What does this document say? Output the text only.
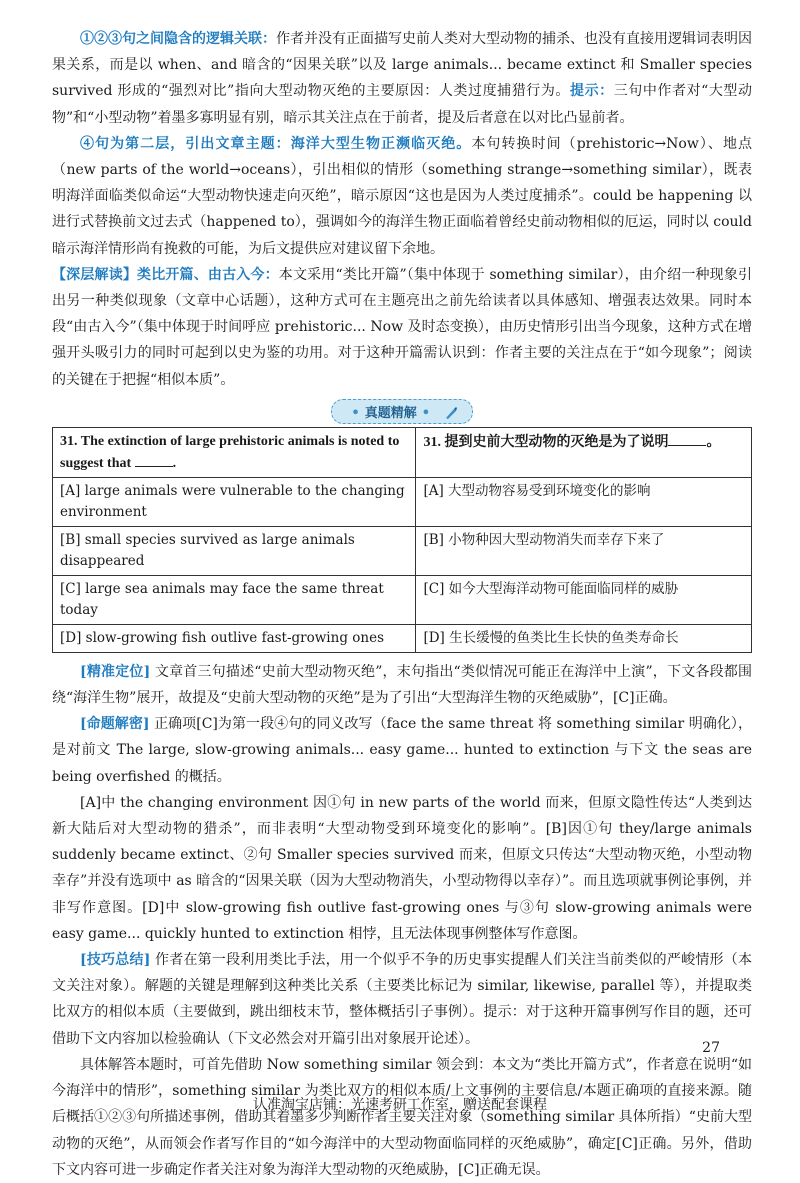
①②③句之间隐含的逻辑关联：作者并没有正面描写史前人类对大型动物的捕杀、也没有直接用逻辑词表明因果关系，而是以 when、and 暗含的“因果关联”以及 large animals... became extinct 和 Smaller species survived 形成的“强烈对比”指向大型动物灭绝的主要原因：人类过度捕猎行为。提示：三句中作者对“大型动物”和“小型动物”着墨多寡明显有别，暗示其关注点在于前者，提及后者意在以对比凸显前者。

④句为第二层，引出文章主题：海洋大型生物正濒临灭绝。本句转换时间（prehistoric→Now）、地点（new parts of the world→oceans），引出相似的情形（something strange→something similar），既表明海洋面临类似命运“大型动物快速走向灭绝”，暗示原因“这也是因为人类过度捕杀”。could be happening 以进行式替换前文过去式（happened to），强调如今的海洋生物正面临着曾经史前动物相似的厄运，同时以 could 暗示海洋情形尚有挽救的可能，为后文提供应对建议留下余地。

【深层解读】类比开篇、由古入今：本文采用“类比开篇”（集中体现于 something similar），由介绍一种现象引出另一种类似现象（文章中心话题），这种方式可在主题亮出之前先给读者以具体感知、增强表达效果。同时本段“由古入今”（集中体现于时间呼应 prehistoric... Now 及时态变换），由历史情形引出当今现象，这种方式在增强开头吸引力的同时可起到以史为鉴的功用。对于这种开篇需认识到：作者主要的关注点在于“如今现象”；阅读的关键在于把握“相似本质”。

• 真题精解 •
31. The extinction of large prehistoric animals is noted to suggest that .	31. 提到史前大型动物的灭绝是为了说明 。
[A] large animals were vulnerable to the changing environment	[A] 大型动物容易受到环境变化的影响
[B] small species survived as large animals disappeared	[B] 小物种因大型动物消失而幸存下来了
[C] large sea animals may face the same threat today	[C] 如今大型海洋动物可能面临同样的威胁
[D] slow-growing fish outlive fast-growing ones	[D] 生长缓慢的鱼类比生长快的鱼类寿命长

[精准定位] 文章首三句描述“史前大型动物灭绝”，末句指出“类似情况可能正在海洋中上演”，下文各段都围绕“海洋生物”展开，故提及“史前大型动物的灭绝”是为了引出“大型海洋生物的灭绝威胁”，[C]正确。

[命题解密] 正确项[C]为第一段④句的同义改写（face the same threat 将 something similar 明确化），是对前文 The large, slow-growing animals... easy game... hunted to extinction 与下文 the seas are being overfished 的概括。

[A]中 the changing environment 因①句 in new parts of the world 而来，但原文隐性传达“人类到达新大陆后对大型动物的猎杀”，而非表明“大型动物受到环境变化的影响”。[B]因①句 they/large animals suddenly became extinct、②句 Smaller species survived 而来，但原文只传达“大型动物灭绝，小型动物幸存”并没有选项中 as 暗含的“因果关联（因为大型动物消失，小型动物得以幸存）”。而且选项就事例论事例，并非写作意图。[D]中 slow-growing fish outlive fast-growing ones 与③句 slow-growing animals were easy game... quickly hunted to extinction 相悖，且无法体现事例整体写作意图。

[技巧总结] 作者在第一段利用类比手法，用一个似乎不争的历史事实提醒人们关注当前类似的严峻情形（本文关注对象）。解题的关键是理解到这种类比关系（主要类比标记为 similar, likewise, parallel 等），并提取类比双方的相似本质（主要做到，跳出细枝末节，整体概括引子事例）。提示：对于这种开篇事例写作目的题，还可借助下文内容加以检验确认（下文必然会对开篇引出对象展开论述）。

具体解答本题时，可首先借助 Now something similar 领会到：本文为“类比开篇方式”，作者意在说明“如今海洋中的情形”，something similar 为类比双方的相似本质/上文事例的主要信息/本题正确项的直接来源。随后概括①②③句所描述事例，借助其着墨多少判断作者主要关注对象（something similar 具体所指）“史前大型动物的灭绝”，从而领会作者写作目的“如今海洋中的大型动物面临同样的灭绝威胁”，确定[C]正确。另外，借助下文内容可进一步确定作者关注对象为海洋大型动物的灭绝威胁，[C]正确无误。

27
认准淘宝店铺：光速考研工作室，赠送配套课程
